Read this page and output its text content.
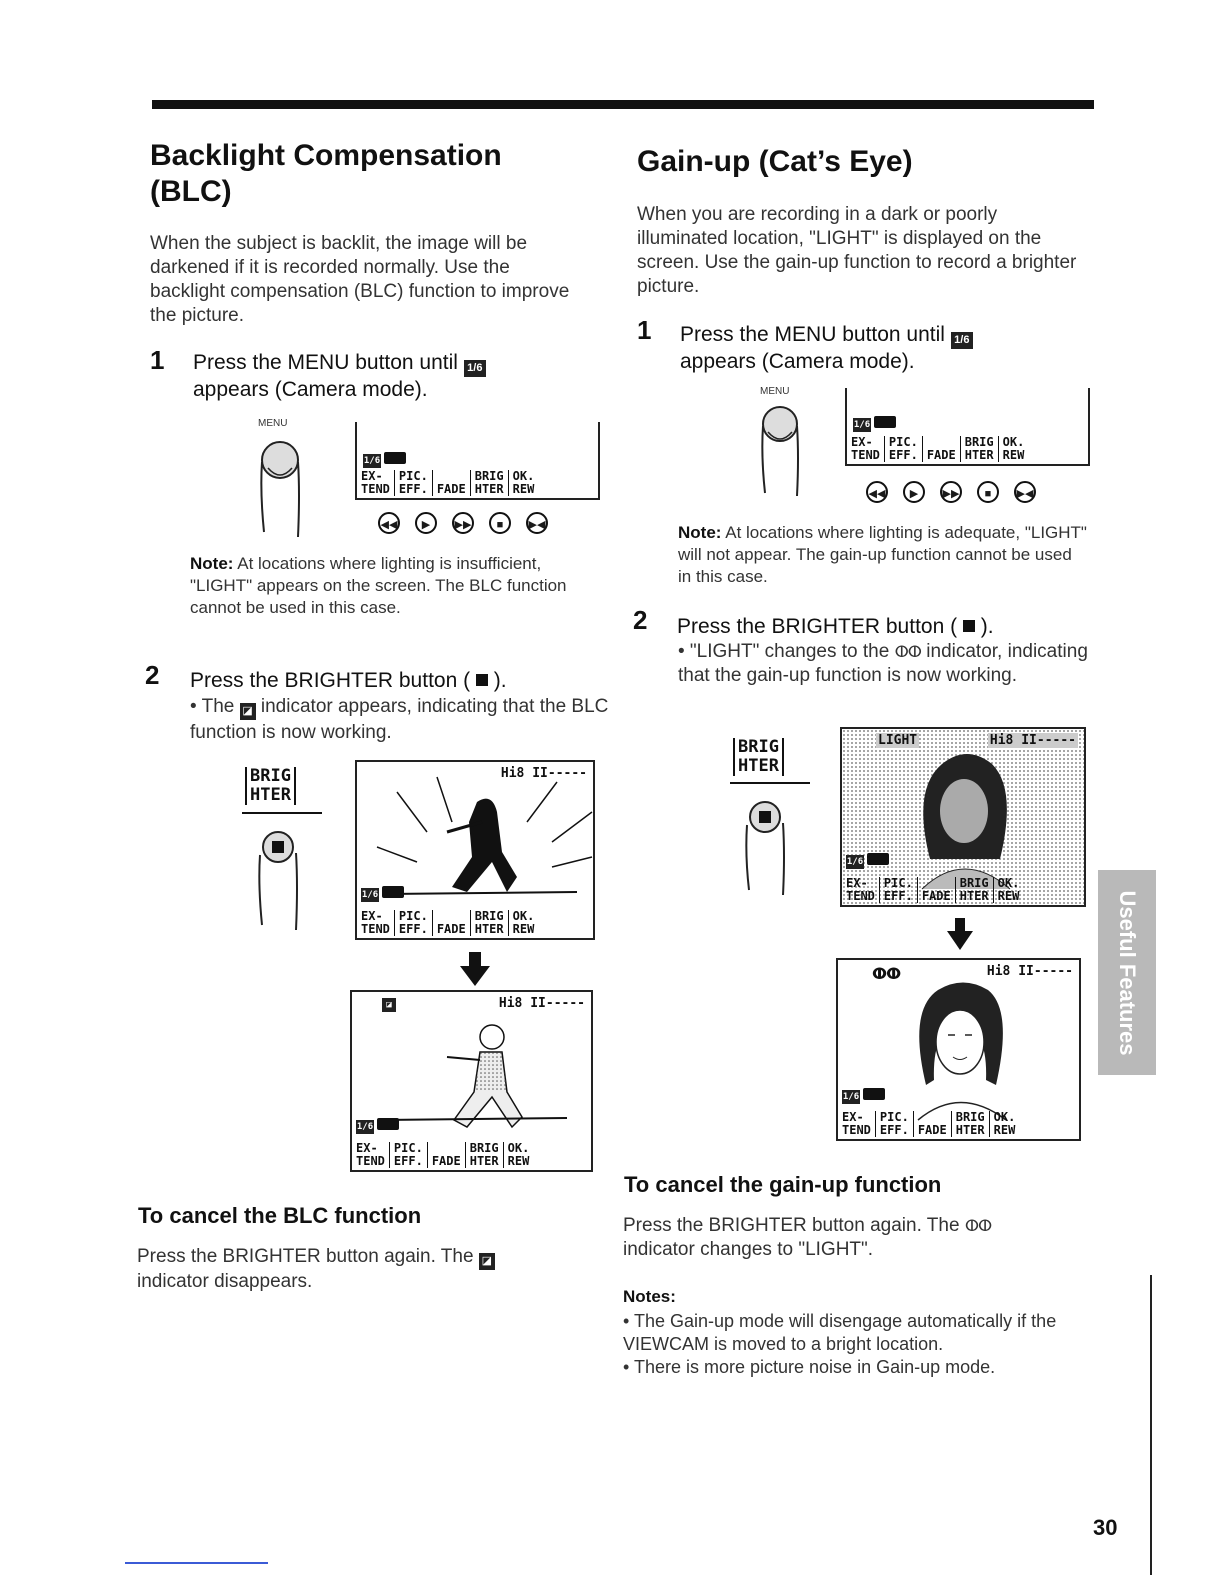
Backlight Compensation (BLC)

When the subject is backlit, the image will be darkened if it is recorded normally. Use the backlight compensation (BLC) function to improve the picture.

1 Press the MENU button until 1/6
appears (Camera mode).
MENU
1/6
EX-
TEND
PIC.
EFF.
FADE
BRIG
HTER
OK.
REW
◀◀ ▶ ▶▶ ■ ▶◀

Note: At locations where lighting is insufficient, "LIGHT" appears on the screen. The BLC function cannot be used in this case.

2 Press the BRIGHTER button ( ).
• The ◪ indicator appears, indicating that the BLC function is now working.
BRIG
HTER
Hi8 II-----
1/6
EX-
TEND
PIC.
EFF.
FADE
BRIG
HTER
OK.
REW
◪	Hi8 II-----
1/6
EX-
TEND
PIC.
EFF.
FADE
BRIG
HTER
OK.
REW
To cancel the BLC function

Press the BRIGHTER button again. The ◪
indicator disappears.

Gain-up (Cat’s Eye)

When you are recording in a dark or poorly illuminated location, "LIGHT" is displayed on the screen. Use the gain-up function to record a brighter picture.

1 Press the MENU button until 1/6
appears (Camera mode).
MENU
1/6
EX-
TEND
PIC.
EFF.
FADE
BRIG
HTER
OK.
REW
◀◀ ▶ ▶▶ ■ ▶◀

Note: At locations where lighting is adequate, "LIGHT" will not appear. The gain-up function cannot be used in this case.

2 Press the BRIGHTER button ( ).
• "LIGHT" changes to the ⵀⵀ indicator, indicating that the gain-up function is now working.
BRIG
HTER
LIGHT	Hi8 II-----
1/6
EX-
TEND
PIC.
EFF.
FADE
BRIG
HTER
OK.
REW
ⵀⵀ	Hi8 II-----
1/6
EX-
TEND
PIC.
EFF.
FADE
BRIG
HTER
OK.
REW
To cancel the gain-up function

Press the BRIGHTER button again. The ⵀⵀ
indicator changes to "LIGHT".

Notes:
• The Gain-up mode will disengage automatically if the VIEWCAM is moved to a bright location.
• There is more picture noise in Gain-up mode.
Useful Features
30
